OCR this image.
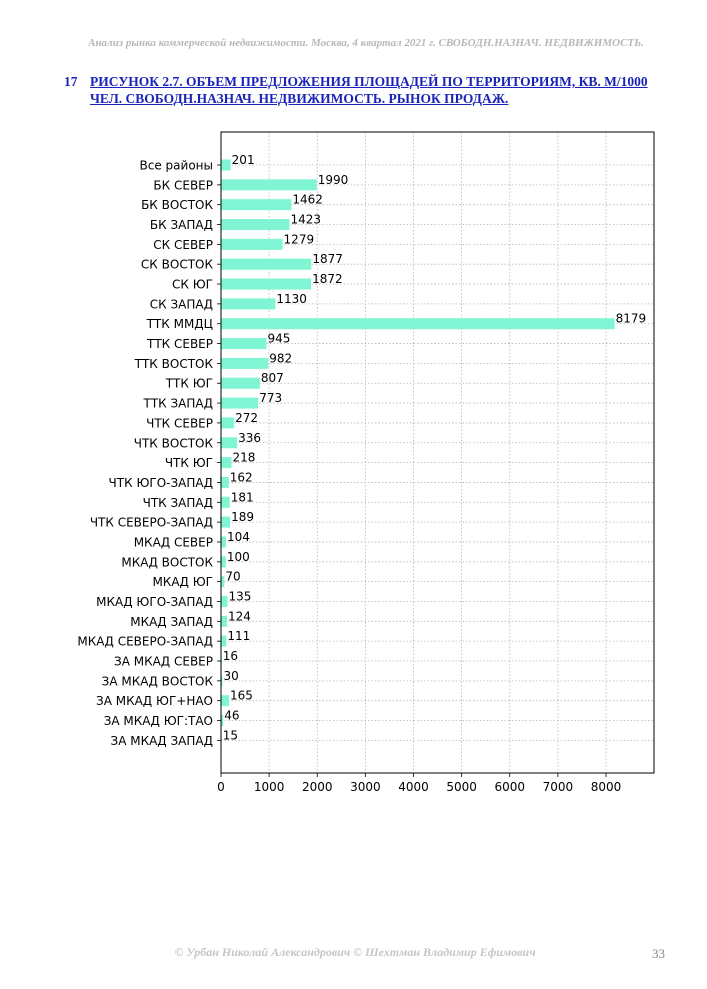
Анализ рынка коммерческой недвижимости. Москва, 4 квартал 2021 г. СВОБОДН.НАЗНАЧ. НЕДВИЖИМОСТЬ.
17 РИСУНОК 2.7. ОБЪЕМ ПРЕДЛОЖЕНИЯ ПЛОЩАДЕЙ ПО ТЕРРИТОРИЯМ, КВ. М/1000 ЧЕЛ. СВОБОДН.НАЗНАЧ. НЕДВИЖИМОСТЬ. РЫНОК ПРОДАЖ.
201
1990
1462
1423
1279
1877
1872
1130
8179
945
982
807
773
272
336
218
162
181
189
104
100
70
135
124
111
16
30
165
46
15
Все районы
БК СЕВЕР
БК ВОСТОК
БК ЗАПАД
СК СЕВЕР
СК ВОСТОК
СК ЮГ
СК ЗАПАД
ТТК ММДЦ
ТТК СЕВЕР
ТТК ВОСТОК
ТТК ЮГ
ТТК ЗАПАД
ЧТК СЕВЕР
ЧТК ВОСТОК
ЧТК ЮГ
ЧТК ЮГО-ЗАПАД
ЧТК ЗАПАД
ЧТК СЕВЕРО-ЗАПАД
МКАД СЕВЕР
МКАД ВОСТОК
МКАД ЮГ
МКАД ЮГО-ЗАПАД
МКАД ЗАПАД
МКАД СЕВЕРО-ЗАПАД
ЗА МКАД СЕВЕР
ЗА МКАД ВОСТОК
ЗА МКАД ЮГ+НАО
ЗА МКАД ЮГ:ТАО
ЗА МКАД ЗАПАД
0 1000 2000 3000 4000 5000 6000 7000 8000
© Урбан Николай Александрович © Шехтман Владимир Ефимович	33
